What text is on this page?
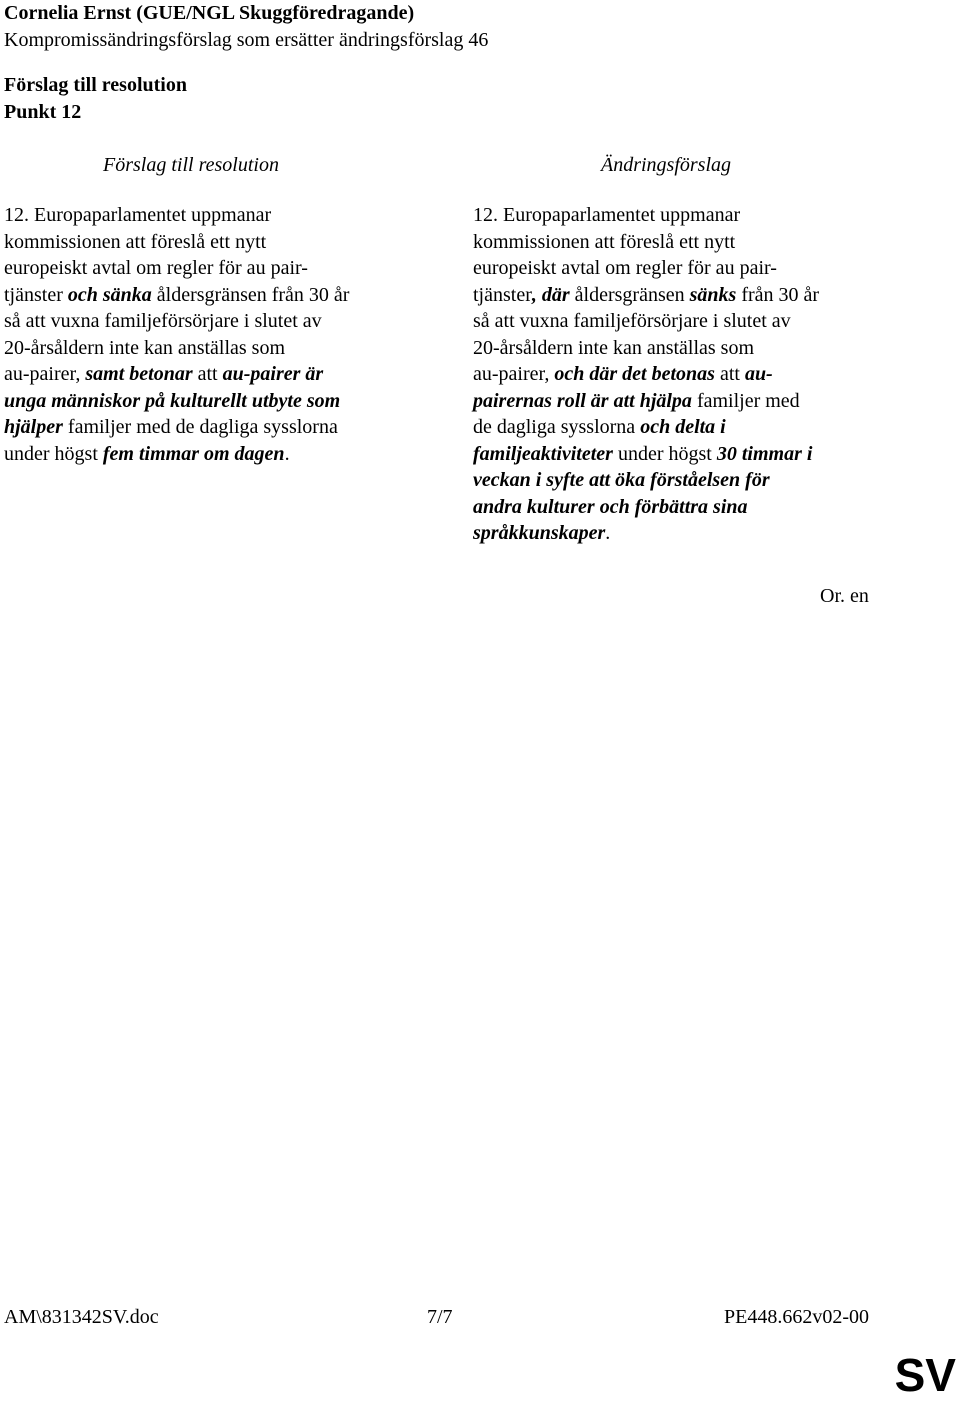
Cornelia Ernst (GUE/NGL Skuggföredragande)
Kompromissändringsförslag som ersätter ändringsförslag 46
Förslag till resolution
Punkt 12
Förslag till resolution	Ändringsförslag
12. Europaparlamentet uppmanar
kommissionen att föreslå ett nytt
europeiskt avtal om regler för au pair-
tjänster och sänka åldersgränsen från 30 år
så att vuxna familjeförsörjare i slutet av
20-årsåldern inte kan anställas som
au-pairer, samt betonar att au-pairer är
unga människor på kulturellt utbyte som
hjälper familjer med de dagliga sysslorna
under högst fem timmar om dagen.
12. Europaparlamentet uppmanar
kommissionen att föreslå ett nytt
europeiskt avtal om regler för au pair-
tjänster, där åldersgränsen sänks från 30 år
så att vuxna familjeförsörjare i slutet av
20-årsåldern inte kan anställas som
au-pairer, och där det betonas att au-
pairernas roll är att hjälpa familjer med
de dagliga sysslorna och delta i
familjeaktiviteter under högst 30 timmar i
veckan i syfte att öka förståelsen för
andra kulturer och förbättra sina
språkkunskaper.
Or. en
AM\831342SV.doc	7/7	PE448.662v02-00
SV
